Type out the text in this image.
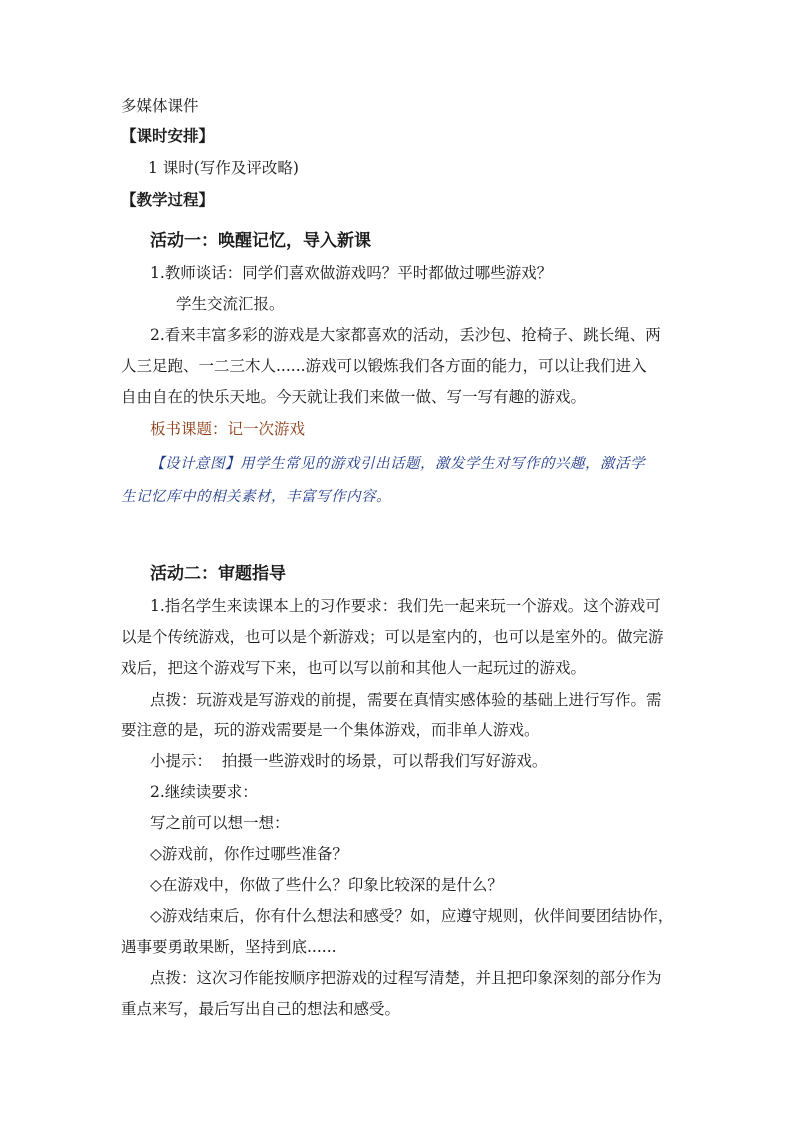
多媒体课件
【课时安排】
1 课时(写作及评改略)
【教学过程】
活动一：唤醒记忆，导入新课
1.教师谈话：同学们喜欢做游戏吗？平时都做过哪些游戏？
学生交流汇报。
2.看来丰富多彩的游戏是大家都喜欢的活动，丢沙包、抢椅子、跳长绳、两
人三足跑、一二三木人......游戏可以锻炼我们各方面的能力，可以让我们进入
自由自在的快乐天地。今天就让我们来做一做、写一写有趣的游戏。
板书课题：记一次游戏
【设计意图】用学生常见的游戏引出话题，激发学生对写作的兴趣，激活学
生记忆库中的相关素材，丰富写作内容。
活动二：审题指导
1.指名学生来读课本上的习作要求：我们先一起来玩一个游戏。这个游戏可
以是个传统游戏，也可以是个新游戏；可以是室内的，也可以是室外的。做完游
戏后，把这个游戏写下来，也可以写以前和其他人一起玩过的游戏。
点拨：玩游戏是写游戏的前提，需要在真情实感体验的基础上进行写作。需
要注意的是，玩的游戏需要是一个集体游戏，而非单人游戏。
小提示：  拍摄一些游戏时的场景，可以帮我们写好游戏。
2.继续读要求：
写之前可以想一想：
◇游戏前，你作过哪些准备？
◇在游戏中，你做了些什么？印象比较深的是什么？
◇游戏结束后，你有什么想法和感受？如，应遵守规则，伙伴间要团结协作，
遇事要勇敢果断，坚持到底......
点拨：这次习作能按顺序把游戏的过程写清楚，并且把印象深刻的部分作为
重点来写，最后写出自己的想法和感受。
